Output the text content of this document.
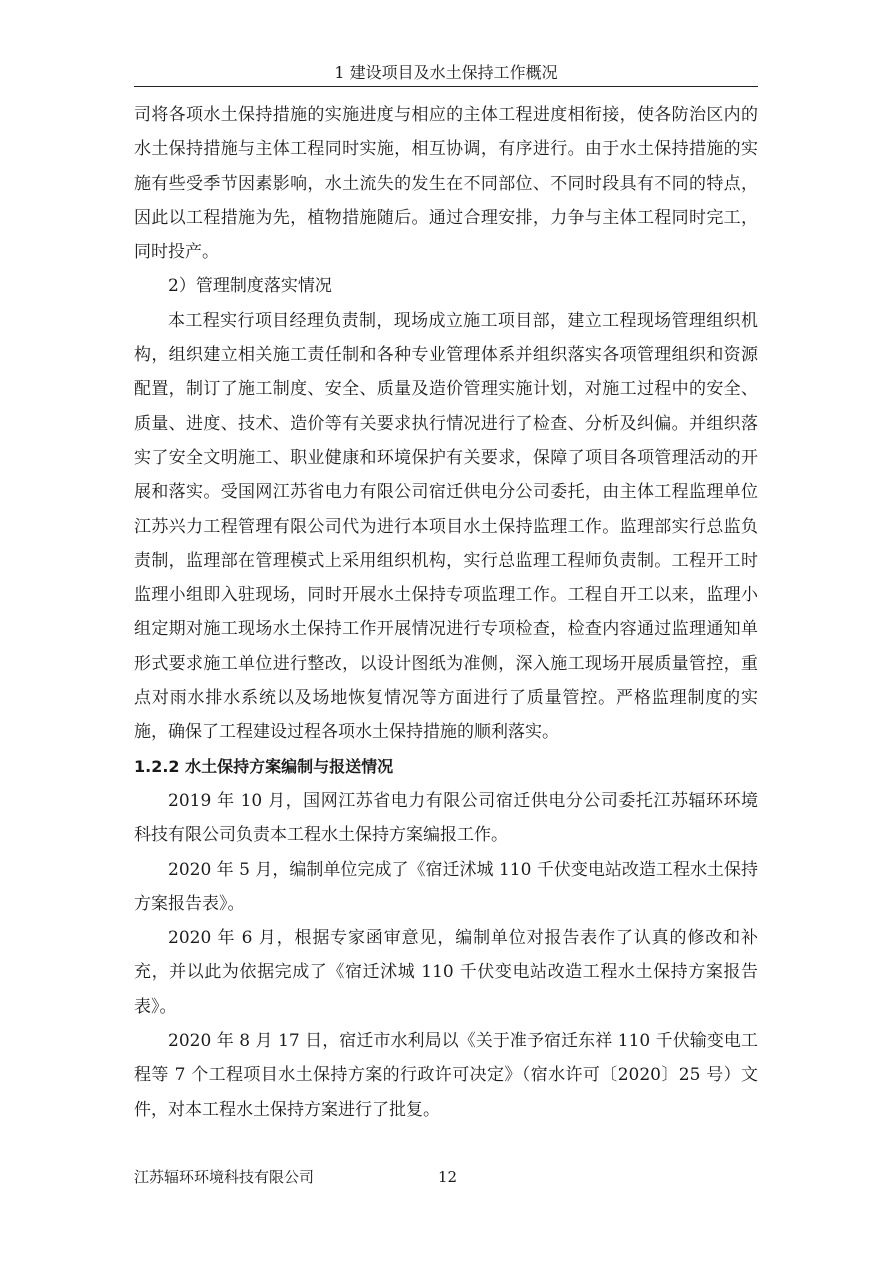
1 建设项目及水土保持工作概况

司将各项水土保持措施的实施进度与相应的主体工程进度相衔接，使各防治区内的水土保持措施与主体工程同时实施，相互协调，有序进行。由于水土保持措施的实施有些受季节因素影响，水土流失的发生在不同部位、不同时段具有不同的特点，因此以工程措施为先，植物措施随后。通过合理安排，力争与主体工程同时完工，同时投产。

2）管理制度落实情况

本工程实行项目经理负责制，现场成立施工项目部，建立工程现场管理组织机构，组织建立相关施工责任制和各种专业管理体系并组织落实各项管理组织和资源配置，制订了施工制度、安全、质量及造价管理实施计划，对施工过程中的安全、质量、进度、技术、造价等有关要求执行情况进行了检查、分析及纠偏。并组织落实了安全文明施工、职业健康和环境保护有关要求，保障了项目各项管理活动的开展和落实。受国网江苏省电力有限公司宿迁供电分公司委托，由主体工程监理单位江苏兴力工程管理有限公司代为进行本项目水土保持监理工作。监理部实行总监负责制，监理部在管理模式上采用组织机构，实行总监理工程师负责制。工程开工时监理小组即入驻现场，同时开展水土保持专项监理工作。工程自开工以来，监理小组定期对施工现场水土保持工作开展情况进行专项检查，检查内容通过监理通知单形式要求施工单位进行整改，以设计图纸为准侧，深入施工现场开展质量管控，重点对雨水排水系统以及场地恢复情况等方面进行了质量管控。严格监理制度的实施，确保了工程建设过程各项水土保持措施的顺利落实。

1.2.2 水土保持方案编制与报送情况

2019 年 10 月，国网江苏省电力有限公司宿迁供电分公司委托江苏辐环环境科技有限公司负责本工程水土保持方案编报工作。

2020 年 5 月，编制单位完成了《宿迁沭城 110 千伏变电站改造工程水土保持方案报告表》。

2020 年 6 月，根据专家函审意见，编制单位对报告表作了认真的修改和补充，并以此为依据完成了《宿迁沭城 110 千伏变电站改造工程水土保持方案报告表》。

2020 年 8 月 17 日，宿迁市水利局以《关于准予宿迁东祥 110 千伏输变电工程等 7 个工程项目水土保持方案的行政许可决定》（宿水许可〔2020〕25 号）文件，对本工程水土保持方案进行了批复。

江苏辐环环境科技有限公司	12
